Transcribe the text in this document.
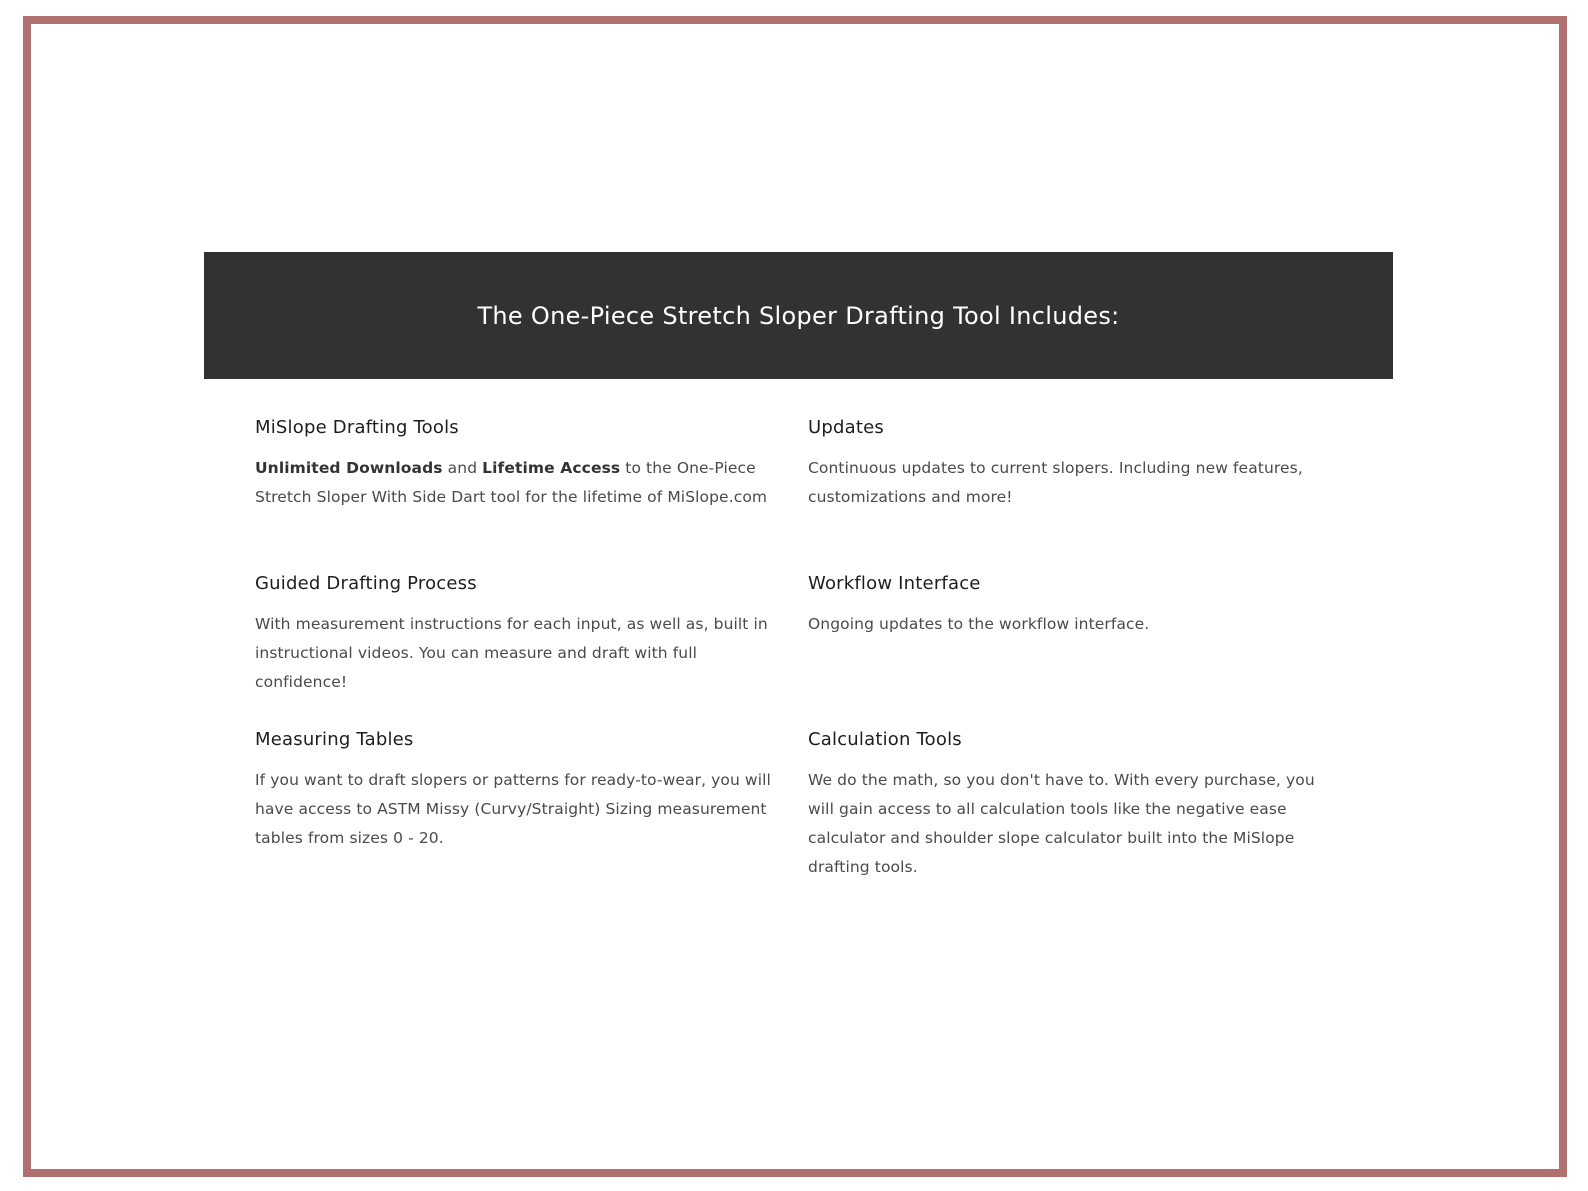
The One-Piece Stretch Sloper Drafting Tool Includes:
MiSlope Drafting Tools

Unlimited Downloads and Lifetime Access to the One-Piece Stretch Sloper With Side Dart tool for the lifetime of MiSlope.com

Updates

Continuous updates to current slopers. Including new features, customizations and more!

Guided Drafting Process

With measurement instructions for each input, as well as, built in instructional videos. You can measure and draft with full confidence!

Workflow Interface

Ongoing updates to the workflow interface.

Measuring Tables

If you want to draft slopers or patterns for ready-to-wear, you will have access to ASTM Missy (Curvy/Straight) Sizing measurement tables from sizes 0 - 20.

Calculation Tools

We do the math, so you don't have to. With every purchase, you will gain access to all calculation tools like the negative ease calculator and shoulder slope calculator built into the MiSlope drafting tools.
